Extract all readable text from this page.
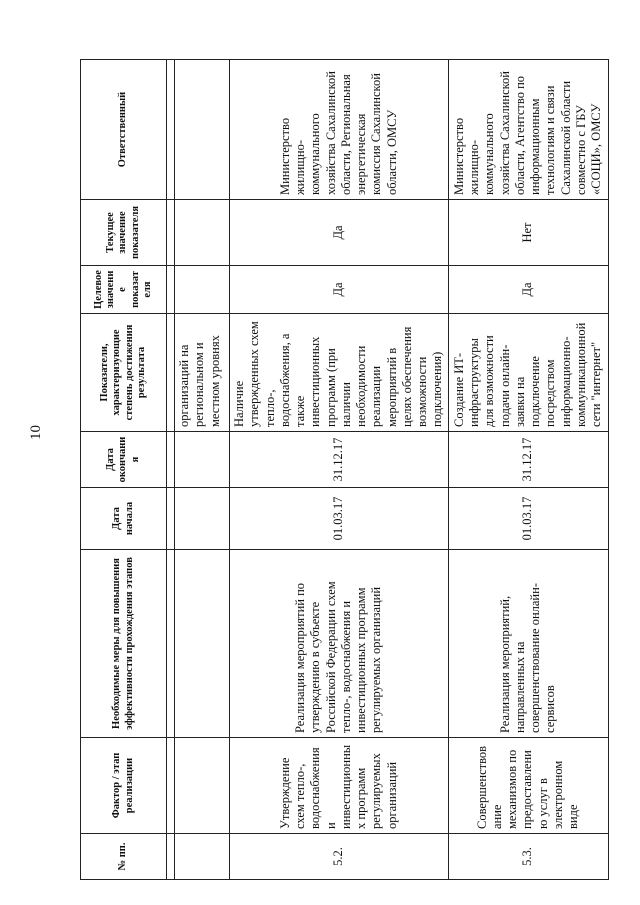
10
№ пп.	Фактор / этап реализации	Необходимые меры для повышения эффективности прохождения этапов	Дата начала	Дата окончания	Показатели, характеризующие степень достижения результата	Целевое значение показателя	Текущее значение показателя	Ответственный

					организаций на региональном и местном уровнях			
5.2.	Утверждение схем тепло-, водоснабжения и инвестиционных программ регулируемых организаций	Реализация мероприятий по утверждению в субъекте Российской Федерации схем тепло-, водоснабжения и инвестиционных программ регулируемых организаций	01.03.17	31.12.17	Наличие утвержденных схем тепло-, водоснабжения, а также инвестиционных программ (при наличии необходимости реализации мероприятий в целях обеспечения возможности подключения)	Да	Да	Министерство жилищно-коммунального хозяйства Сахалинской области, Региональная энергетическая комиссия Сахалинской области, ОМСУ
5.3.	Совершенствование механизмов по предоставлению услуг в электронном виде	Реализация мероприятий, направленных на совершенствование онлайн-сервисов	01.03.17	31.12.17	Создание ИТ-инфраструктуры для возможности подачи онлайн-заявки на подключение посредством информационно-коммуникационной сети "интернет"	Да	Нет	Министерство жилищно-коммунального хозяйства Сахалинской области, Агентство по информационным технологиям и связи Сахалинской области совместно с ГБУ «СОЦИ», ОМСУ
